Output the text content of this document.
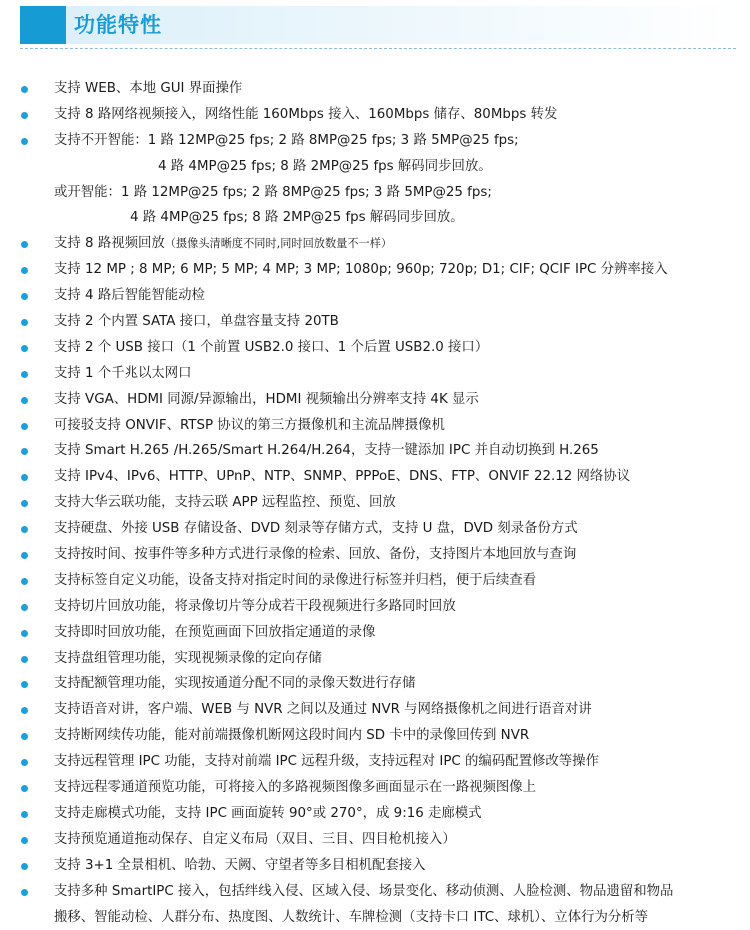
功能特性
支持 WEB、本地 GUI 界面操作
支持 8 路网络视频接入，网络性能 160Mbps 接入、160Mbps 储存、80Mbps 转发
支持不开智能：1 路 12MP@25 fps; 2 路 8MP@25 fps; 3 路 5MP@25 fps;
4 路 4MP@25 fps; 8 路 2MP@25 fps 解码同步回放。
或开智能：1 路 12MP@25 fps; 2 路 8MP@25 fps; 3 路 5MP@25 fps;
4 路 4MP@25 fps; 8 路 2MP@25 fps 解码同步回放。
支持 8 路视频回放（摄像头清晰度不同时,同时回放数量不一样）
支持 12 MP ; 8 MP; 6 MP; 5 MP; 4 MP; 3 MP; 1080p; 960p; 720p; D1; CIF; QCIF IPC 分辨率接入
支持 4 路后智能智能动检
支持 2 个内置 SATA 接口，单盘容量支持 20TB
支持 2 个 USB 接口（1 个前置 USB2.0 接口、1 个后置 USB2.0 接口）
支持 1 个千兆以太网口
支持 VGA、HDMI 同源/异源输出，HDMI 视频输出分辨率支持 4K 显示
可接驳支持 ONVIF、RTSP 协议的第三方摄像机和主流品牌摄像机
支持 Smart H.265 /H.265/Smart H.264/H.264，支持一键添加 IPC 并自动切换到 H.265
支持 IPv4、IPv6、HTTP、UPnP、NTP、SNMP、PPPoE、DNS、FTP、ONVIF 22.12 网络协议
支持大华云联功能，支持云联 APP 远程监控、预览、回放
支持硬盘、外接 USB 存储设备、DVD 刻录等存储方式，支持 U 盘，DVD 刻录备份方式
支持按时间、按事件等多种方式进行录像的检索、回放、备份，支持图片本地回放与查询
支持标签自定义功能，设备支持对指定时间的录像进行标签并归档，便于后续查看
支持切片回放功能，将录像切片等分成若干段视频进行多路同时回放
支持即时回放功能，在预览画面下回放指定通道的录像
支持盘组管理功能，实现视频录像的定向存储
支持配额管理功能，实现按通道分配不同的录像天数进行存储
支持语音对讲，客户端、WEB 与 NVR 之间以及通过 NVR 与网络摄像机之间进行语音对讲
支持断网续传功能，能对前端摄像机断网这段时间内 SD 卡中的录像回传到 NVR
支持远程管理 IPC 功能，支持对前端 IPC 远程升级，支持远程对 IPC 的编码配置修改等操作
支持远程零通道预览功能，可将接入的多路视频图像多画面显示在一路视频图像上
支持走廊模式功能，支持 IPC 画面旋转 90°或 270°，成 9:16 走廊模式
支持预览通道拖动保存、自定义布局（双目、三目、四目枪机接入）
支持 3+1 全景相机、哈勃、天阙、守望者等多目相机配套接入
支持多种 SmartIPC 接入，包括绊线入侵、区域入侵、场景变化、移动侦测、人脸检测、物品遗留和物品
搬移、智能动检、人群分布、热度图、人数统计、车牌检测（支持卡口 ITC、球机）、立体行为分析等
